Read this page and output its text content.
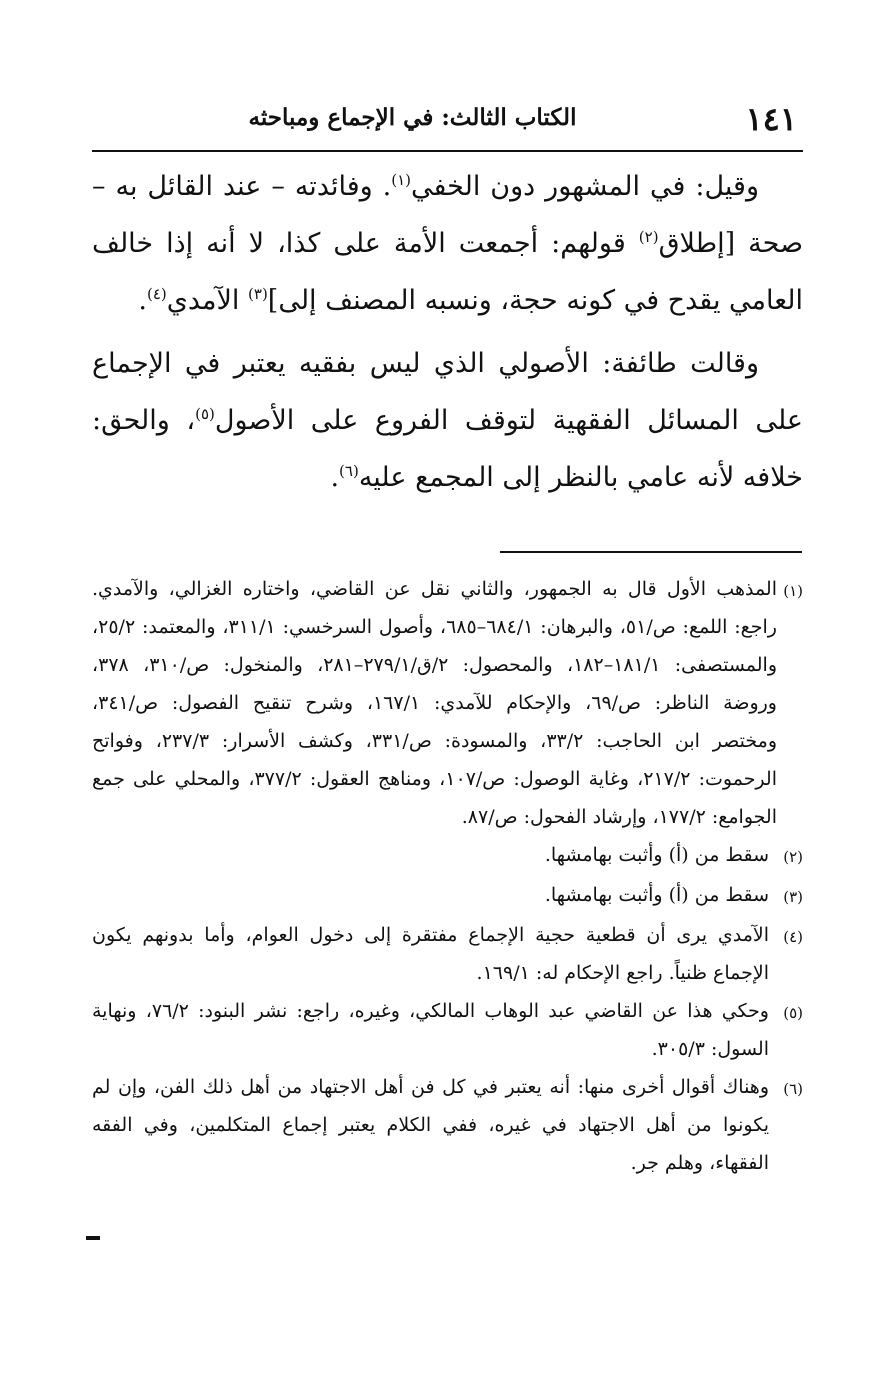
١٤١
الكتاب الثالث: في الإجماع ومباحثه

وقيل: في المشهور دون الخفي$^{(١)}$. وفائدته – عند القائل به – صحة [إطلاق$^{(٢)}$ قولهم: أجمعت الأمة على كذا، لا أنه إذا خالف العامي يقدح في كونه حجة، ونسبه المصنف إلى]$^{(٣)}$ الآمدي$^{(٤)}$.

وقالت طائفة: الأصولي الذي ليس بفقيه يعتبر في الإجماع على المسائل الفقهية لتوقف الفروع على الأصول$^{(٥)}$، والحق: خلافه لأنه عامي بالنظر إلى المجمع عليه$^{(٦)}$.

(١)
المذهب الأول قال به الجمهور، والثاني نقل عن القاضي، واختاره الغزالي، والآمدي. راجع: اللمع: ص/٥١، والبرهان: ٦٨٤/١–٦٨٥، وأصول السرخسي: ٣١١/١، والمعتمد: ٢٥/٢، والمستصفى: ١٨١/١–١٨٢، والمحصول: ٢/ق/٢٧٩/١–٢٨١، والمنخول: ص/٣١٠، ٣٧٨، وروضة الناظر: ص/٦٩، والإحكام للآمدي: ١٦٧/١، وشرح تنقيح الفصول: ص/٣٤١، ومختصر ابن الحاجب: ٣٣/٢، والمسودة: ص/٣٣١، وكشف الأسرار: ٢٣٧/٣، وفواتح الرحموت: ٢١٧/٢، وغاية الوصول: ص/١٠٧، ومناهج العقول: ٣٧٧/٢، والمحلي على جمع الجوامع: ١٧٧/٢، وإرشاد الفحول: ص/٨٧.
(٢)
سقط من (أ) وأثبت بهامشها.
(٣)
سقط من (أ) وأثبت بهامشها.
(٤)
الآمدي يرى أن قطعية حجية الإجماع مفتقرة إلى دخول العوام، وأما بدونهم يكون الإجماع ظنياً. راجع الإحكام له: ١٦٩/١.
(٥)
وحكي هذا عن القاضي عبد الوهاب المالكي، وغيره، راجع: نشر البنود: ٧٦/٢، ونهاية السول: ٣٠٥/٣.
(٦)
وهناك أقوال أخرى منها: أنه يعتبر في كل فن أهل الاجتهاد من أهل ذلك الفن، وإن لم يكونوا من أهل الاجتهاد في غيره، ففي الكلام يعتبر إجماع المتكلمين، وفي الفقه الفقهاء، وهلم جر.
